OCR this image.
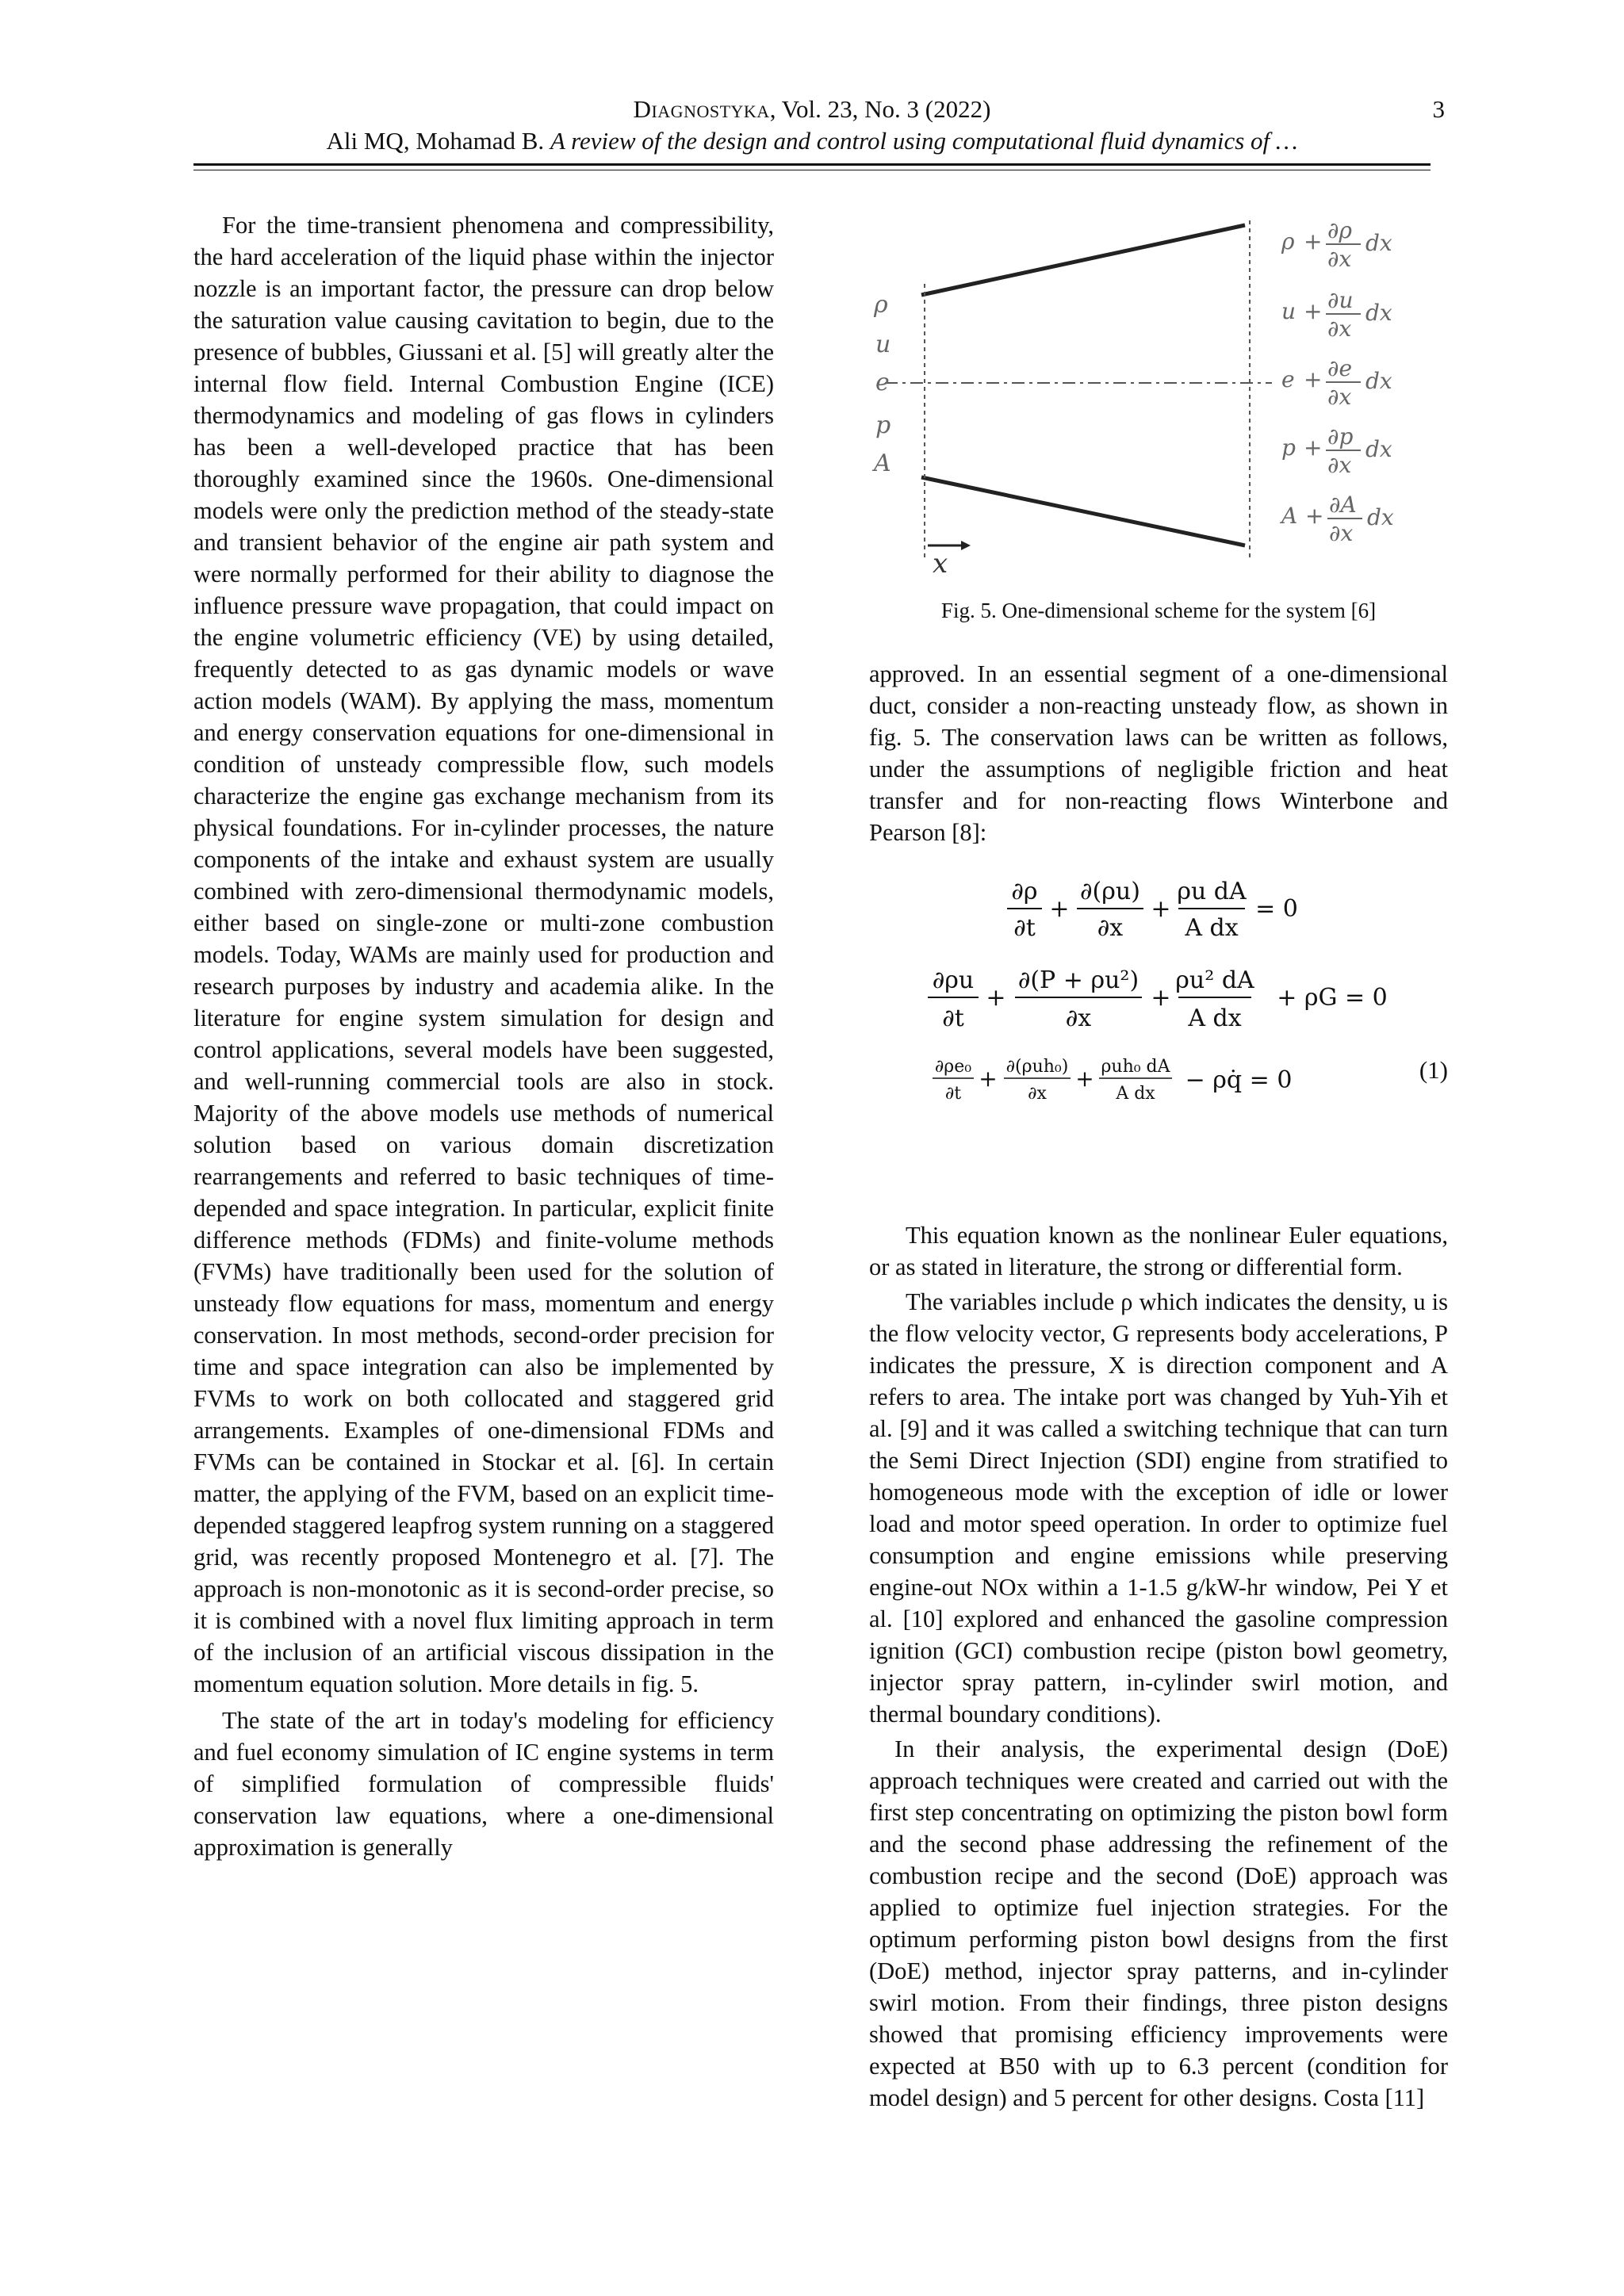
Diagnostyka, Vol. 23, No. 3 (2022)
Ali MQ, Mohamad B. A review of the design and control using computational fluid dynamics of …
3

For the time-transient phenomena and compressibility, the hard acceleration of the liquid phase within the injector nozzle is an important factor, the pressure can drop below the saturation value causing cavitation to begin, due to the presence of bubbles, Giussani et al. [5] will greatly alter the internal flow field. Internal Combustion Engine (ICE) thermodynamics and modeling of gas flows in cylinders has been a well-developed practice that has been thoroughly examined since the 1960s. One-dimensional models were only the prediction method of the steady-state and transient behavior of the engine air path system and were normally performed for their ability to diagnose the influence pressure wave propagation, that could impact on the engine volumetric efficiency (VE) by using detailed, frequently detected to as gas dynamic models or wave action models (WAM). By applying the mass, momentum and energy conservation equations for one-dimensional in condition of unsteady compressible flow, such models characterize the engine gas exchange mechanism from its physical foundations. For in-cylinder processes, the nature components of the intake and exhaust system are usually combined with zero-dimensional thermodynamic models, either based on single-zone or multi-zone combustion models. Today, WAMs are mainly used for production and research purposes by industry and academia alike. In the literature for engine system simulation for design and control applications, several models have been suggested, and well-running commercial tools are also in stock. Majority of the above models use methods of numerical solution based on various domain discretization rearrangements and referred to basic techniques of time-depended and space integration. In particular, explicit finite difference methods (FDMs) and finite-volume methods (FVMs) have traditionally been used for the solution of unsteady flow equations for mass, momentum and energy conservation. In most methods, second-order precision for time and space integration can also be implemented by FVMs to work on both collocated and staggered grid arrangements. Examples of one-dimensional FDMs and FVMs can be contained in Stockar et al. [6]. In certain matter, the applying of the FVM, based on an explicit time-depended staggered leapfrog system running on a staggered grid, was recently proposed Montenegro et al. [7]. The approach is non-monotonic as it is second-order precise, so it is combined with a novel flux limiting approach in term of the inclusion of an artificial viscous dissipation in the momentum equation solution. More details in fig. 5.

The state of the art in today's modeling for efficiency and fuel economy simulation of IC engine systems in term of simplified formulation of compressible fluids' conservation law equations, where a one-dimensional approximation is generally

x
ρ
u
e
p
A
ρ + ∂ρ
∂x
dx
u + ∂u
∂x
dx
e + ∂e
∂x
dx
p + ∂p
∂x
dx
A + ∂A
∂x
dx
Fig. 5. One-dimensional scheme for the system [6]

approved. In an essential segment of a one-dimensional duct, consider a non-reacting unsteady flow, as shown in fig. 5. The conservation laws can be written as follows, under the assumptions of negligible friction and heat transfer and for non-reacting flows Winterbone and Pearson [8]:

∂ρ
∂t
+
∂(ρu)
∂x
+
ρu dA
A dx
= 0
∂ρu
∂t
+
∂(P + ρu²)
∂x
+
ρu² dA
A dx
+ ρG = 0
∂ρe₀
∂t
+ ∂(ρuh₀)
∂x
+ ρuh₀ dA
A dx − ρq̇ = 0	(1)

This equation known as the nonlinear Euler equations, or as stated in literature, the strong or differential form.

The variables include ρ which indicates the density, u is the flow velocity vector, G represents body accelerations, P indicates the pressure, X is direction component and A refers to area. The intake port was changed by Yuh-Yih et al. [9] and it was called a switching technique that can turn the Semi Direct Injection (SDI) engine from stratified to homogeneous mode with the exception of idle or lower load and motor speed operation. In order to optimize fuel consumption and engine emissions while preserving engine-out NOx within a 1-1.5 g/kW-hr window, Pei Y et al. [10] explored and enhanced the gasoline compression ignition (GCI) combustion recipe (piston bowl geometry, injector spray pattern, in-cylinder swirl motion, and thermal boundary conditions).

In their analysis, the experimental design (DoE) approach techniques were created and carried out with the first step concentrating on optimizing the piston bowl form and the second phase addressing the refinement of the combustion recipe and the second (DoE) approach was applied to optimize fuel injection strategies. For the optimum performing piston bowl designs from the first (DoE) method, injector spray patterns, and in-cylinder swirl motion. From their findings, three piston designs showed that promising efficiency improvements were expected at B50 with up to 6.3 percent (condition for model design) and 5 percent for other designs. Costa [11]
